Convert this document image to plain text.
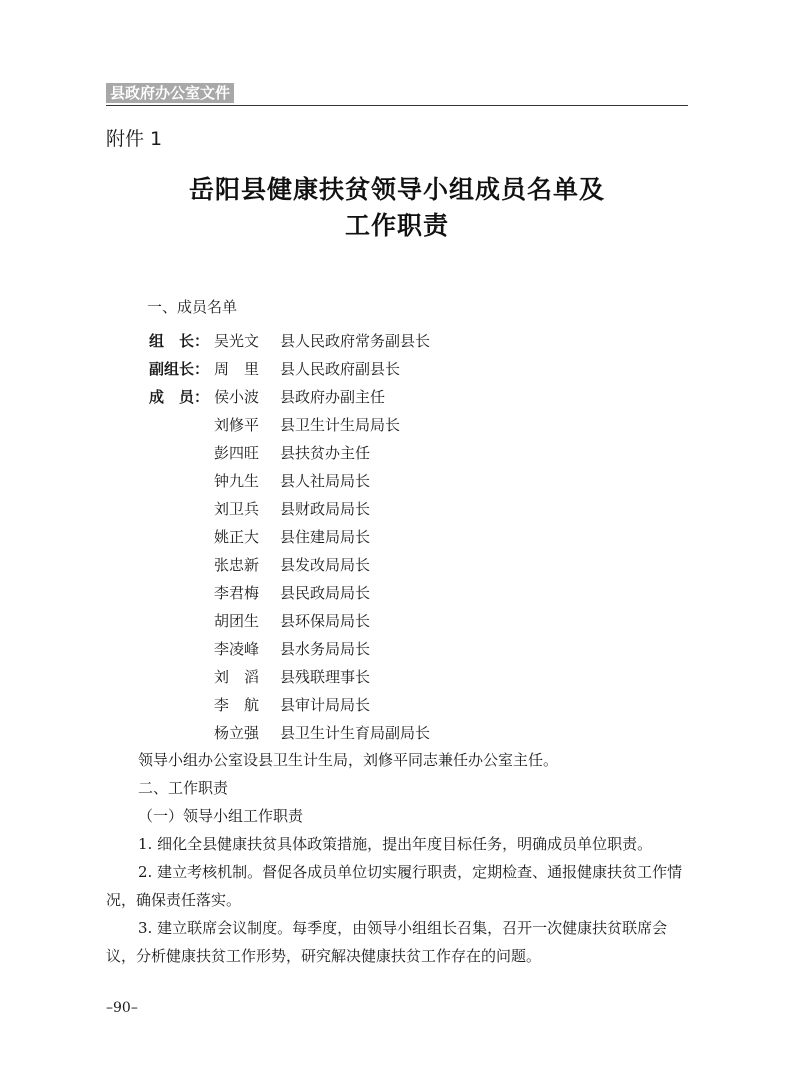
县政府办公室文件
附件 1
岳阳县健康扶贫领导小组成员名单及
工作职责
一、成员名单
组　长： 吴光文 县人民政府常务副县长
副组长： 周　里 县人民政府副县长
成　员： 侯小波 县政府办副主任
刘修平 县卫生计生局局长
彭四旺 县扶贫办主任
钟九生 县人社局局长
刘卫兵 县财政局局长
姚正大 县住建局局长
张忠新 县发改局局长
李君梅 县民政局局长
胡团生 县环保局局长
李凌峰 县水务局局长
刘　滔 县残联理事长
李　航 县审计局局长
杨立强 县卫生计生育局副局长
领导小组办公室设县卫生计生局，刘修平同志兼任办公室主任。
二、工作职责
（一）领导小组工作职责
1. 细化全县健康扶贫具体政策措施，提出年度目标任务，明确成员单位职责。
2. 建立考核机制。督促各成员单位切实履行职责，定期检查、通报健康扶贫工作情况，确保责任落实。
3. 建立联席会议制度。每季度，由领导小组组长召集，召开一次健康扶贫联席会议，分析健康扶贫工作形势，研究解决健康扶贫工作存在的问题。
–90–
